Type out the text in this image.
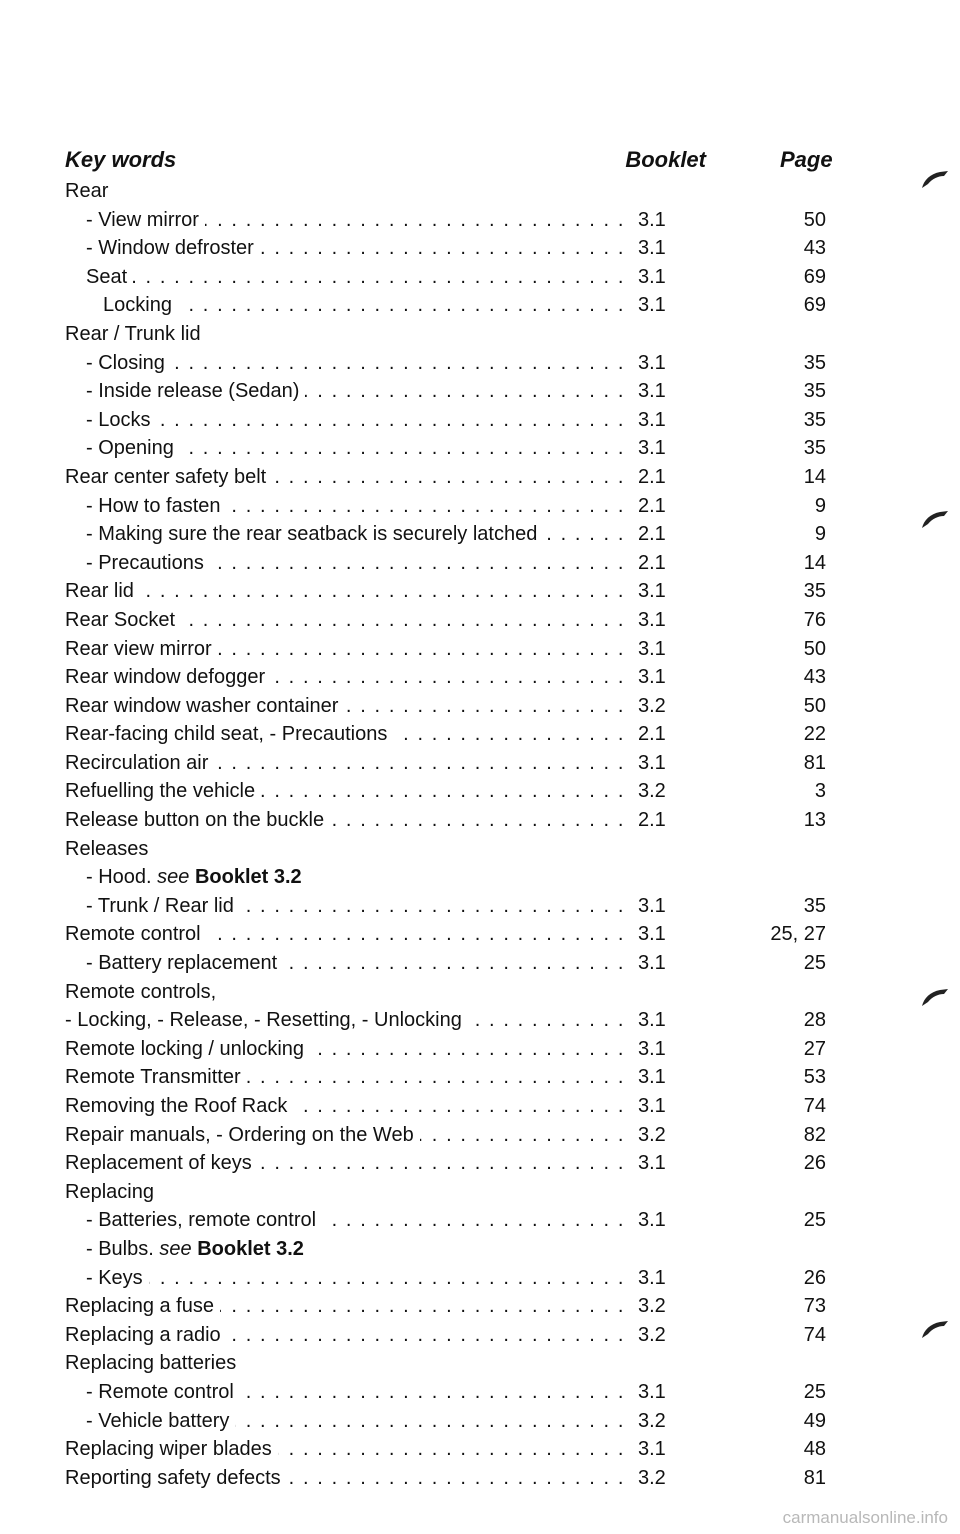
Key words	Booklet	Page
Rear
- View mirror . . .	3.1	50
- Window defroster . . .	3.1	43
Seat . . .	3.1	69
Locking . . .	3.1	69
Rear / Trunk lid
- Closing . . .	3.1	35
- Inside release (Sedan) . . .	3.1	35
- Locks . . .	3.1	35
- Opening . . .	3.1	35
Rear center safety belt . . .	2.1	14
- How to fasten . . .	2.1	9
- Making sure the rear seatback is securely latched . . .	2.1	9
- Precautions . . .	2.1	14
Rear lid . . .	3.1	35
Rear Socket . . .	3.1	76
Rear view mirror . . .	3.1	50
Rear window defogger . . .	3.1	43
Rear window washer container . . .	3.2	50
Rear-facing child seat, - Precautions . . .	2.1	22
Recirculation air . . .	3.1	81
Refuelling the vehicle . . .	3.2	3
Release button on the buckle . . .	2.1	13
Releases
- Hood. see Booklet 3.2
- Trunk / Rear lid . . .	3.1	35
Remote control . . .	3.1	25, 27
- Battery replacement . . .	3.1	25
Remote controls,
- Locking, - Release, - Resetting, - Unlocking . . .	3.1	28
Remote locking / unlocking . . .	3.1	27
Remote Transmitter . . .	3.1	53
Removing the Roof Rack . . .	3.1	74
Repair manuals, - Ordering on the Web . . .	3.2	82
Replacement of keys . . .	3.1	26
Replacing
- Batteries, remote control . . .	3.1	25
- Bulbs. see Booklet 3.2
- Keys . . .	3.1	26
Replacing a fuse . . .	3.2	73
Replacing a radio . . .	3.2	74
Replacing batteries
- Remote control . . .	3.1	25
- Vehicle battery . . .	3.2	49
Replacing wiper blades . . .	3.1	48
Reporting safety defects . . .	3.2	81
carmanualsonline.info
